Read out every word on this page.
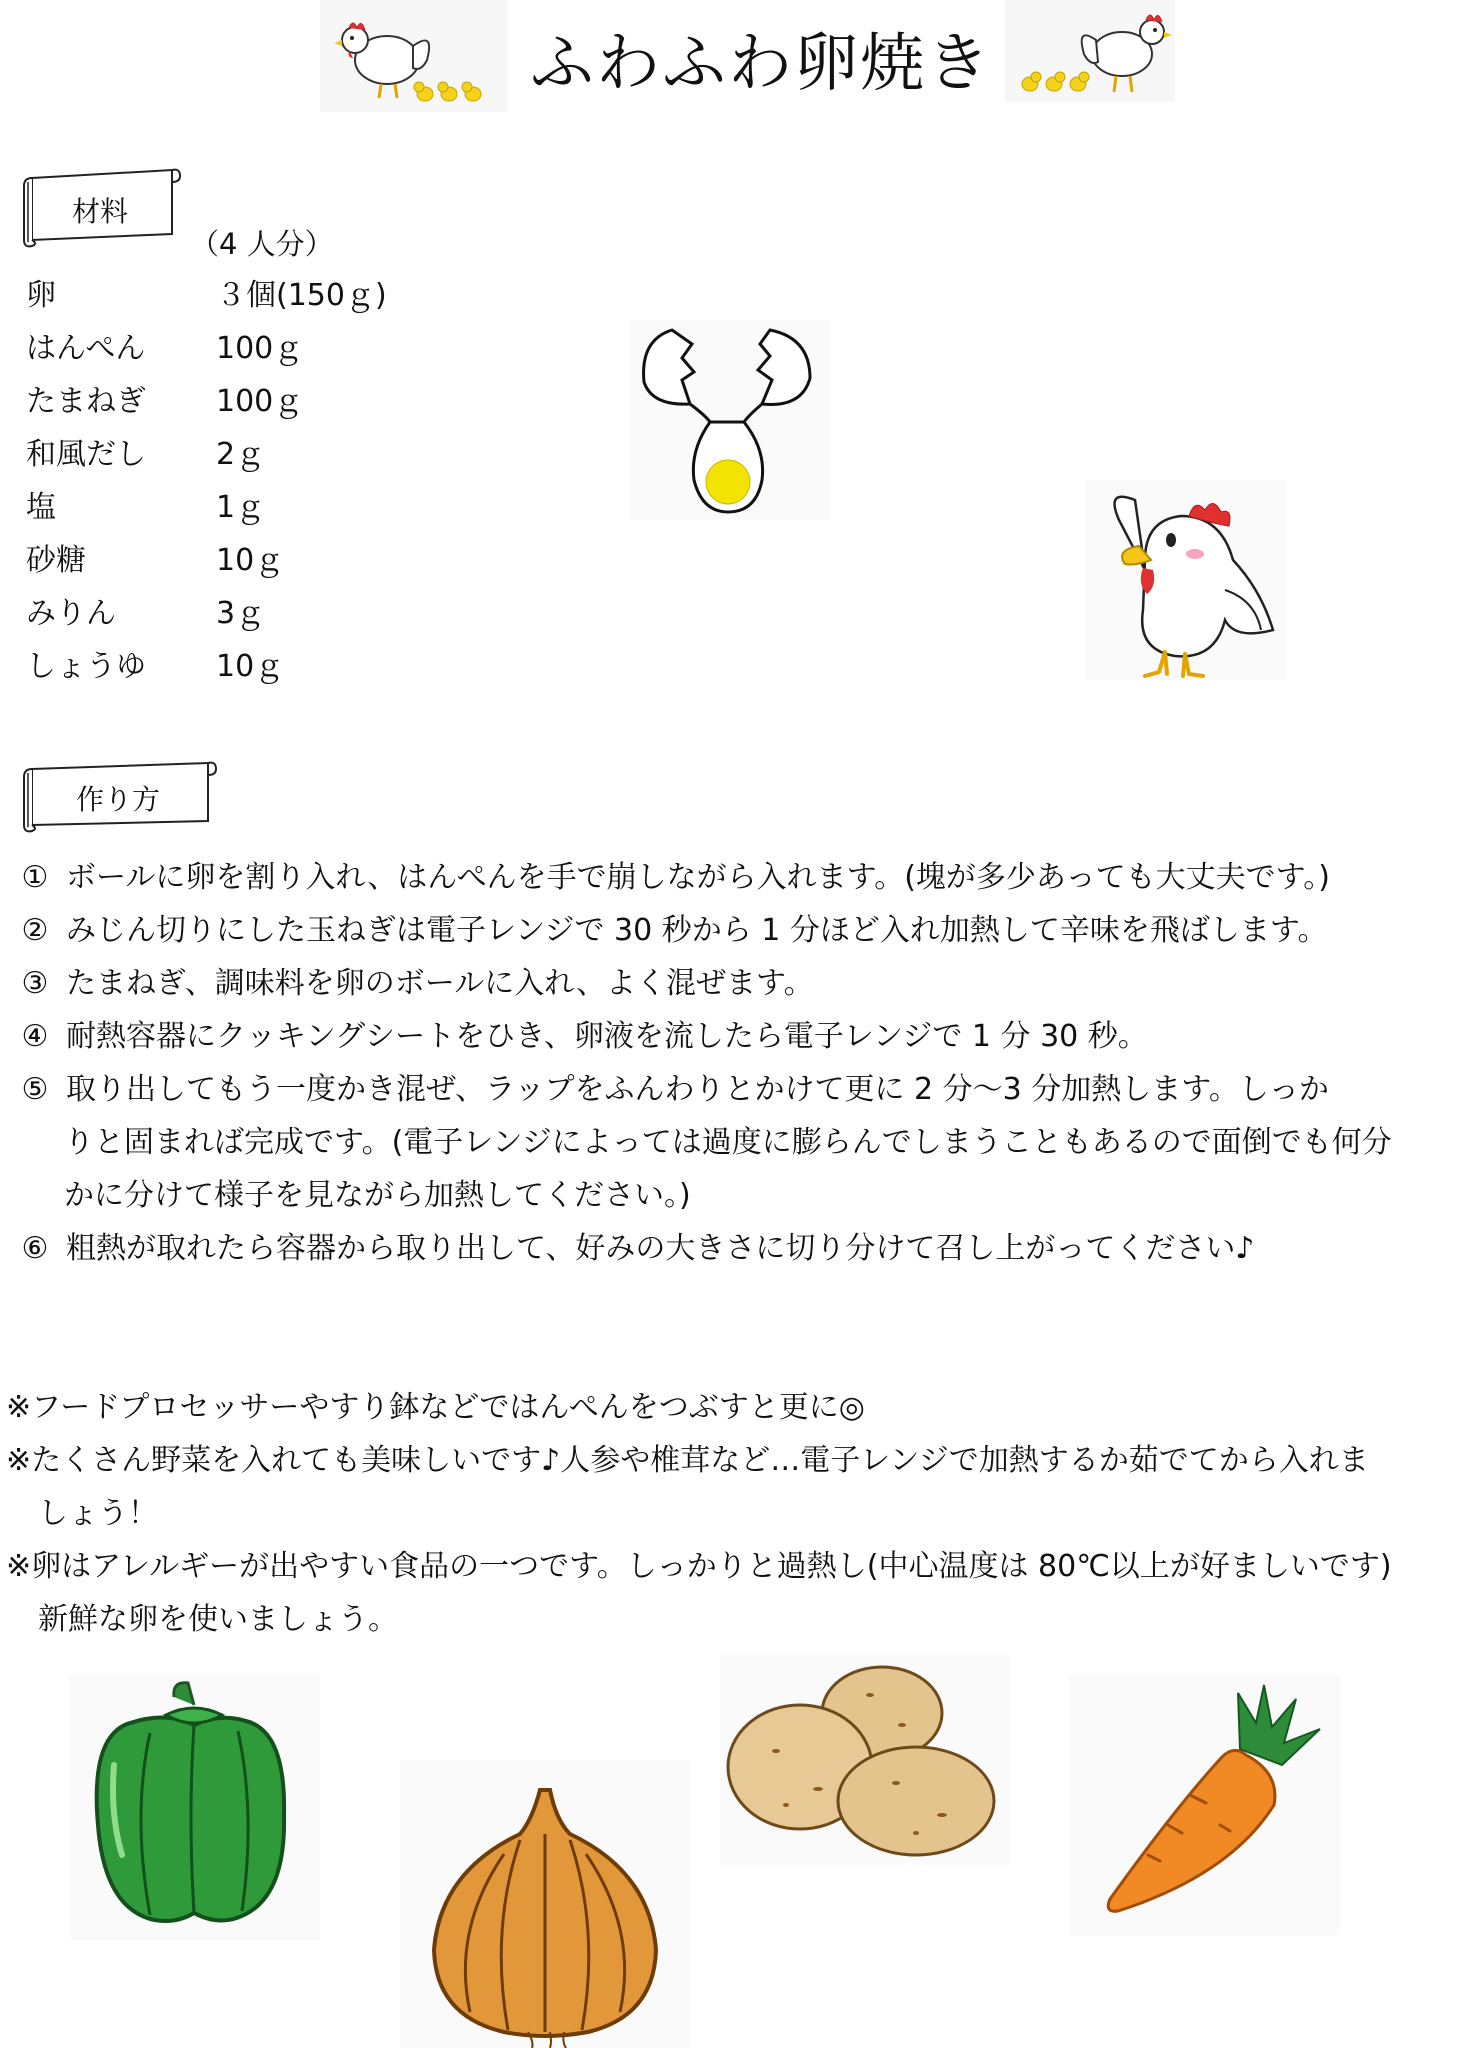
ふわふわ卵焼き
材料
（4 人分）
卵	３個(150ｇ)
はんぺん 100ｇ
たまねぎ 100ｇ
和風だし 2ｇ
塩	1ｇ
砂糖	10ｇ
みりん	3ｇ
しょうゆ 10ｇ
作り方
① ボールに卵を割り入れ、はんぺんを手で崩しながら入れます。(塊が多少あっても大丈夫です。)
② みじん切りにした玉ねぎは電子レンジで 30 秒から 1 分ほど入れ加熱して辛味を飛ばします。
③ たまねぎ、調味料を卵のボールに入れ、よく混ぜます。
④ 耐熱容器にクッキングシートをひき、卵液を流したら電子レンジで 1 分 30 秒。
⑤ 取り出してもう一度かき混ぜ、ラップをふんわりとかけて更に 2 分～3 分加熱します。しっか
りと固まれば完成です。(電子レンジによっては過度に膨らんでしまうこともあるので面倒でも何分
かに分けて様子を見ながら加熱してください。)
⑥ 粗熱が取れたら容器から取り出して、好みの大きさに切り分けて召し上がってください♪
※フードプロセッサーやすり鉢などではんぺんをつぶすと更に◎
※たくさん野菜を入れても美味しいです♪人参や椎茸など…電子レンジで加熱するか茹でてから入れま
しょう！
※卵はアレルギーが出やすい食品の一つです。しっかりと過熱し(中心温度は 80℃以上が好ましいです)
新鮮な卵を使いましょう。
